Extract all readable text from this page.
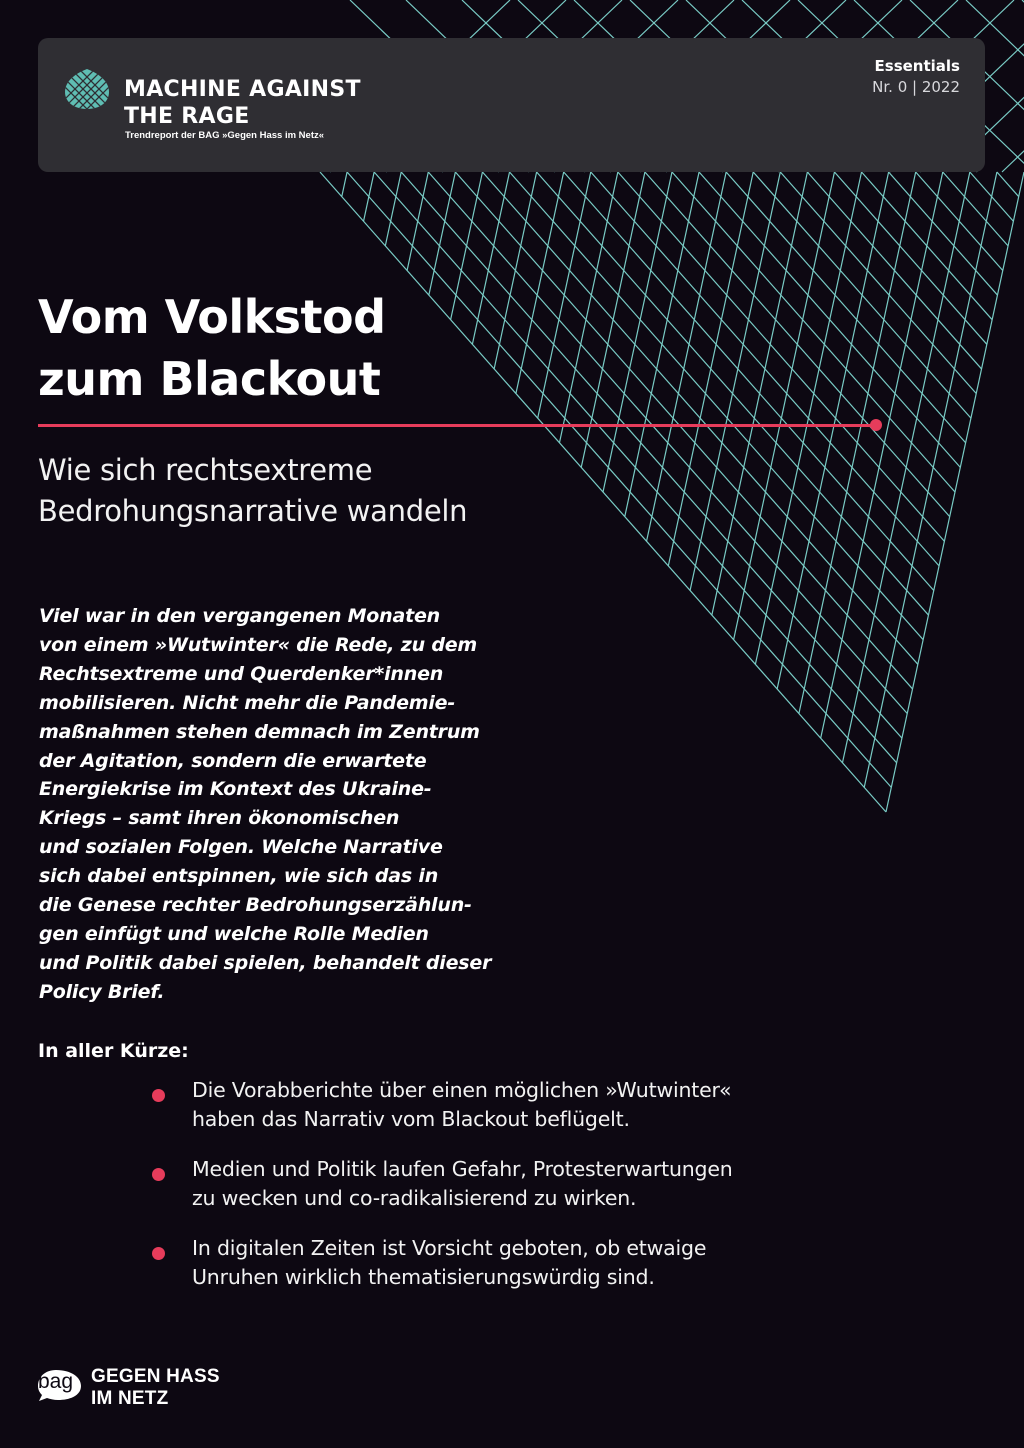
MACHINE AGAINST
THE RAGE
Trendreport der BAG »Gegen Hass im Netz«
Essentials
Nr. 0 | 2022
Vom Volkstod
zum Blackout
Wie sich rechtsextreme
Bedrohungsnarrative wandeln

Viel war in den vergangenen Monaten
von einem »Wutwinter« die Rede, zu dem
Rechtsextreme und Querdenker*innen
mobilisieren. Nicht mehr die Pandemie-
maßnahmen stehen demnach im Zentrum
der Agitation, sondern die erwartete
Energiekrise im Kontext des Ukraine-
Kriegs – samt ihren ökonomischen
und sozialen Folgen. Welche Narrative
sich dabei entspinnen, wie sich das in
die Genese rechter Bedrohungserzählun-
gen einfügt und welche Rolle Medien
und Politik dabei spielen, behandelt dieser
Policy Brief.

In aller Kürze:
Die Vorabberichte über einen möglichen »Wutwinter«
haben das Narrativ vom Blackout beflügelt.
Medien und Politik laufen Gefahr, Protesterwartungen
zu wecken und co-radikalisierend zu wirken.
In digitalen Zeiten ist Vorsicht geboten, ob etwaige
Unruhen wirklich thematisierungswürdig sind.
bag GEGEN HASS
IM NETZ
